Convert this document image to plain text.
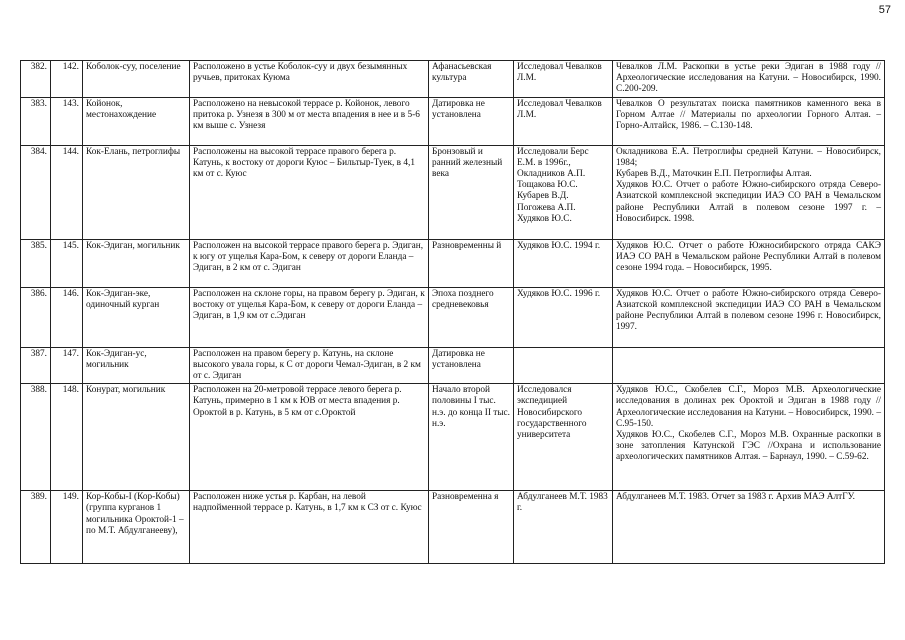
57
382.	142.	Коболок-суу, поселение	Расположено в устье Коболок-суу и двух безымянных ручьев, притоках Куюма	Афанасьевская культура	Исследовал Чевалков Л.М.	Чевалков Л.М. Раскопки в устье реки Эдиган в 1988 году // Археологические исследования на Катуни. – Новосибирск, 1990. С.200-209.

383.	143.	Койонок, местонахождение	Расположено на невысокой террасе р. Койонок, левого притока р. Узнезя в 300 м от места впадения в нее и в 5-6 км выше с. Узнезя	Датировка не установлена	Исследовал Чевалков Л.М.	Чевалков О результатах поиска памятников каменного века в Горном Алтае // Материалы по археологии Горного Алтая. – Горно-Алтайск, 1986. – С.130-148.

384.	144.	Кок-Елань, петроглифы	Расположены на высокой террасе правого берега р. Катунь, к востоку от дороги Куюс – Бильтыр-Туек, в 4,1 км от с. Куюс	Бронзовый и ранний железный века	Исследовали Берс Е.М. в 1996г., Окладников А.П. Тощакова Ю.С. Кубарев В.Д. Погожева А.П. Худяков Ю.С.	Окладникова Е.А. Петроглифы средней Катуни. – Новосибирск, 1984;
Кубарев В.Д., Маточкин Е.П. Петроглифы Алтая.
Худяков Ю.С. Отчет о работе Южно-сибирского отряда Северо-Азиатской комплексной экспедиции ИАЭ СО РАН в Чемальском районе Республики Алтай в полевом сезоне 1997 г. – Новосибирск. 1998.

385.	145.	Кок-Эдиган, могильник	Расположен на высокой террасе правого берега р. Эдиган, к югу от ущелья Кара-Бом, к северу от дороги Еланда – Эдиган, в 2 км от с. Эдиган	Разновременны й	Худяков Ю.С. 1994 г.	Худяков Ю.С. Отчет о работе Южносибирского отряда САКЭ ИАЭ СО РАН в Чемальском районе Республики Алтай в полевом сезоне 1994 года. – Новосибирск, 1995.

386.	146.	Кок-Эдиган-эке, одиночный курган	Расположен на склоне горы, на правом берегу р. Эдиган, к востоку от ущелья Кара-Бом, к северу от дороги Еланда – Эдиган, в 1,9 км от с.Эдиган	Эпоха позднего средневековья	Худяков Ю.С. 1996 г.	Худяков Ю.С. Отчет о работе Южно-сибирского отряда Северо-Азиатской комплексной экспедиции ИАЭ СО РАН в Чемальском районе Республики Алтай в полевом сезоне 1996 г. Новосибирск, 1997.

387.	147.	Кок-Эдиган-ус, могильник	Расположен на правом берегу р. Катунь, на склоне высокого увала горы, к С от дороги Чемал-Эдиган, в 2 км от с. Эдиган	Датировка не установлена		
388.	148.	Конурат, могильник	Расположен на 20-метровой террасе левого берега р. Катунь, примерно в 1 км к ЮВ от места впадения р. Ороктой в р. Катунь, в 5 км от с.Ороктой	Начало второй половины I тыс. н.э. до конца II тыс. н.э.	Исследовался экспедицией Новосибирского государственного университета	Худяков Ю.С., Скобелев С.Г., Мороз М.В. Археологические исследования в долинах рек Ороктой и Эдиган в 1988 году // Археологические исследования на Катуни. – Новосибирск, 1990. – С.95-150.
Худяков Ю.С., Скобелев С.Г., Мороз М.В. Охранные раскопки в зоне затопления Катунской ГЭС //Охрана и использование археологических памятников Алтая. – Барнаул, 1990. – С.59-62.

389.	149.	Кор-Кобы-I (Кор-Кобы) (группа курганов 1 могильника Ороктой-1 – по М.Т. Абдулганееву),	Расположен ниже устья р. Карбан, на левой надпойменной террасе р. Катунь, в 1,7 км к СЗ от с. Куюс	Разновременна я	Абдулганеев М.Т. 1983 г.	Абдулганеев М.Т. 1983. Отчет за 1983 г. Архив МАЭ АлтГУ.
